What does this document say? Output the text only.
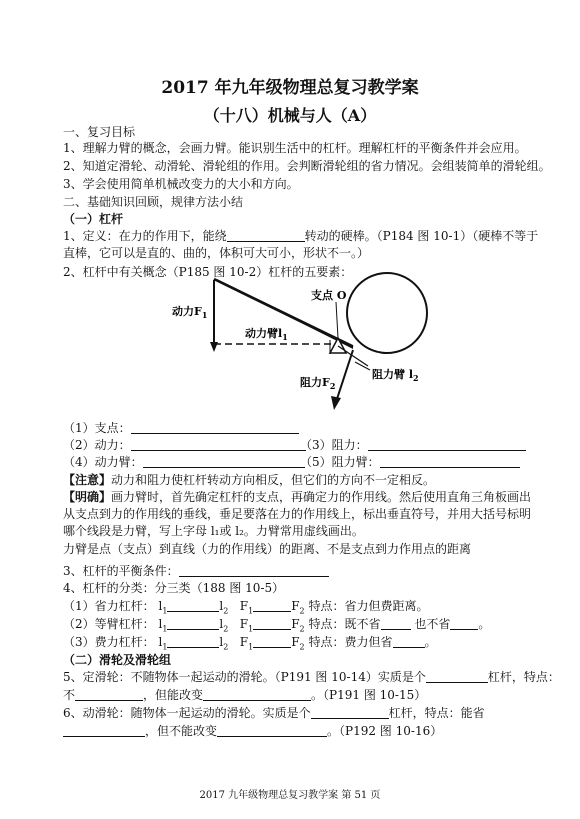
2017 年九年级物理总复习教学案
（十八）机械与人（A）
一、复习目标
1、理解力臂的概念，会画力臂。能识别生活中的杠杆。理解杠杆的平衡条件并会应用。
2、知道定滑轮、动滑轮、滑轮组的作用。会判断滑轮组的省力情况。会组装简单的滑轮组。
3、学会使用简单机械改变力的大小和方向。
二、基础知识回顾，规律方法小结
（一）杠杆
1、定义：在力的作用下，能绕	转动的硬棒。（P184 图 10-1）（硬棒不等于
直棒，它可以是直的、曲的，体积可大可小，形状不一。）
2、杠杆中有关概念（P185 图 10-2）杠杆的五要素：
动力$F_1$
支点 O
动力臂$l_1$
阻力$F_2$
阻力臂 $l_2$
（1）支点：
（2）动力：	（3）阻力：
（4）动力臂：	（5）阻力臂：
【注意】动力和阻力使杠杆转动方向相反，但它们的方向不一定相反。
【明确】画力臂时，首先确定杠杆的支点，再确定力的作用线。然后使用直角三角板画出
从支点到力的作用线的垂线，垂足要落在力的作用线上，标出垂直符号，并用大括号标明
哪个线段是力臂，写上字母 l₁或 l₂。力臂常用虚线画出。
力臂是点（支点）到直线（力的作用线）的距离、不是支点到力作用点的距离
3、杠杆的平衡条件：
4、杠杆的分类：分三类（188 图 10-5）
（1）省力杠杆： $l_1$	$l_2$ $F_1$	$F_2$ 特点：省力但费距离。
（2）等臂杠杆： $l_1$	$l_2$ $F_1$	$F_2$ 特点：既不省	也不省 。
（3）费力杠杆： $l_1$	$l_2$ $F_1$	$F_2$ 特点：费力但省	。
（二）滑轮及滑轮组
5、定滑轮：不随物体一起运动的滑轮。（P191 图 10-14）实质是个	杠杆，特点：
不	，但能改变	。（P191 图 10-15）
6、动滑轮：随物体一起运动的滑轮。实质是个	杠杆，特点：能省
，但不能改变	。（P192 图 10-16）
2017 九年级物理总复习教学案 第 51 页
